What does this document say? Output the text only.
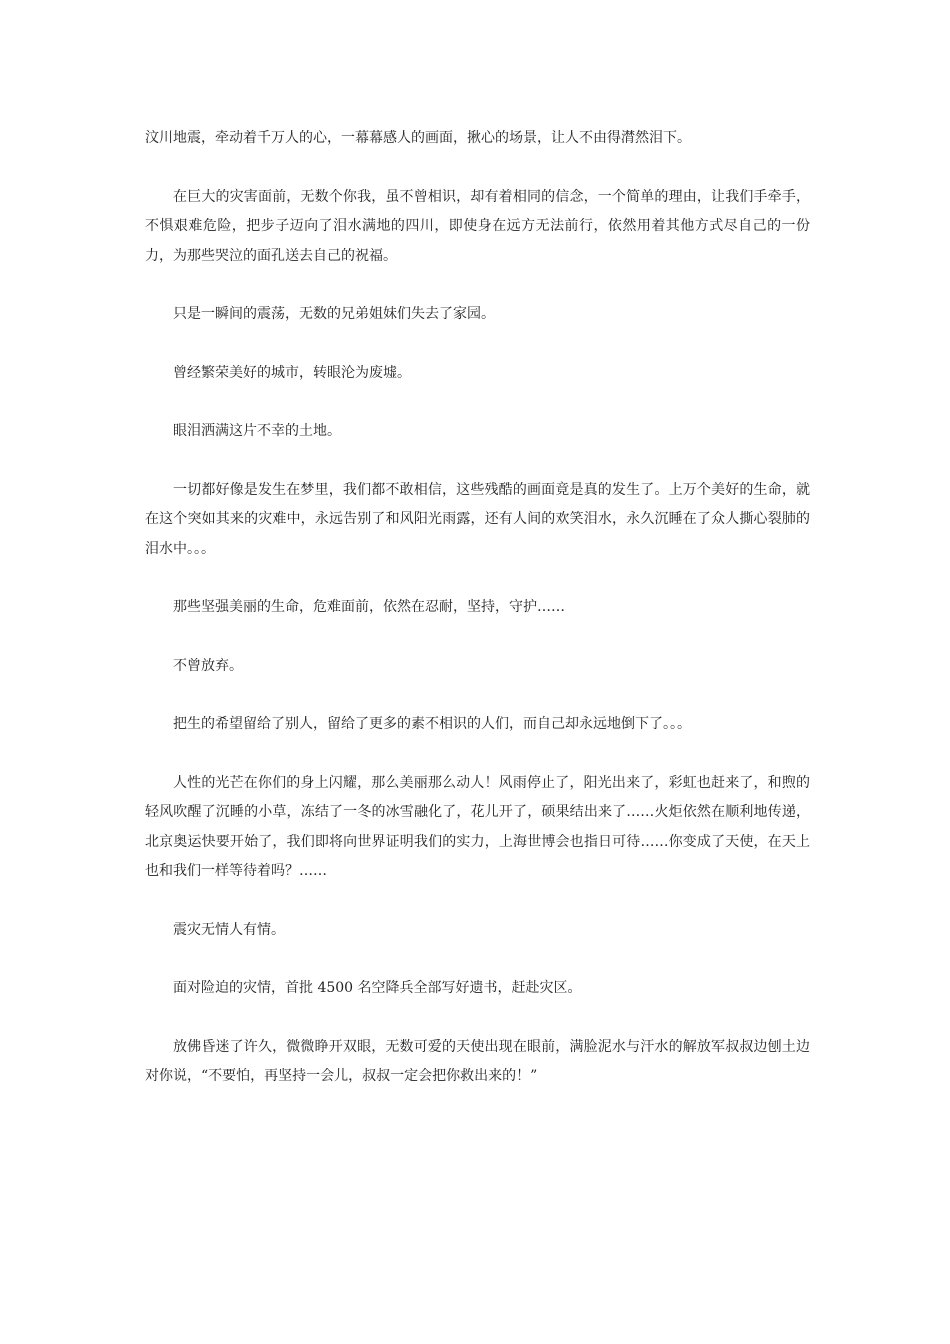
汶川地震，牵动着千万人的心，一幕幕感人的画面，揪心的场景，让人不由得潸然泪下。

在巨大的灾害面前，无数个你我，虽不曾相识，却有着相同的信念，一个简单的理由，让我们手牵手，不惧艰难危险，把步子迈向了泪水满地的四川，即使身在远方无法前行，依然用着其他方式尽自己的一份力，为那些哭泣的面孔送去自己的祝福。

只是一瞬间的震荡，无数的兄弟姐妹们失去了家园。

曾经繁荣美好的城市，转眼沦为废墟。

眼泪洒满这片不幸的土地。

一切都好像是发生在梦里，我们都不敢相信，这些残酷的画面竟是真的发生了。上万个美好的生命，就在这个突如其来的灾难中，永远告别了和风阳光雨露，还有人间的欢笑泪水，永久沉睡在了众人撕心裂肺的泪水中。。。

那些坚强美丽的生命，危难面前，依然在忍耐，坚持，守护……

不曾放弃。

把生的希望留给了别人，留给了更多的素不相识的人们，而自己却永远地倒下了。。。

人性的光芒在你们的身上闪耀，那么美丽那么动人！风雨停止了，阳光出来了，彩虹也赶来了，和煦的轻风吹醒了沉睡的小草，冻结了一冬的冰雪融化了，花儿开了，硕果结出来了……火炬依然在顺利地传递，北京奥运快要开始了，我们即将向世界证明我们的实力，上海世博会也指日可待……你变成了天使，在天上也和我们一样等待着吗？……

震灾无情人有情。

面对险迫的灾情，首批 4500 名空降兵全部写好遗书，赶赴灾区。

放佛昏迷了许久，微微睁开双眼，无数可爱的天使出现在眼前，满脸泥水与汗水的解放军叔叔边刨土边对你说，“不要怕，再坚持一会儿，叔叔一定会把你救出来的！”
